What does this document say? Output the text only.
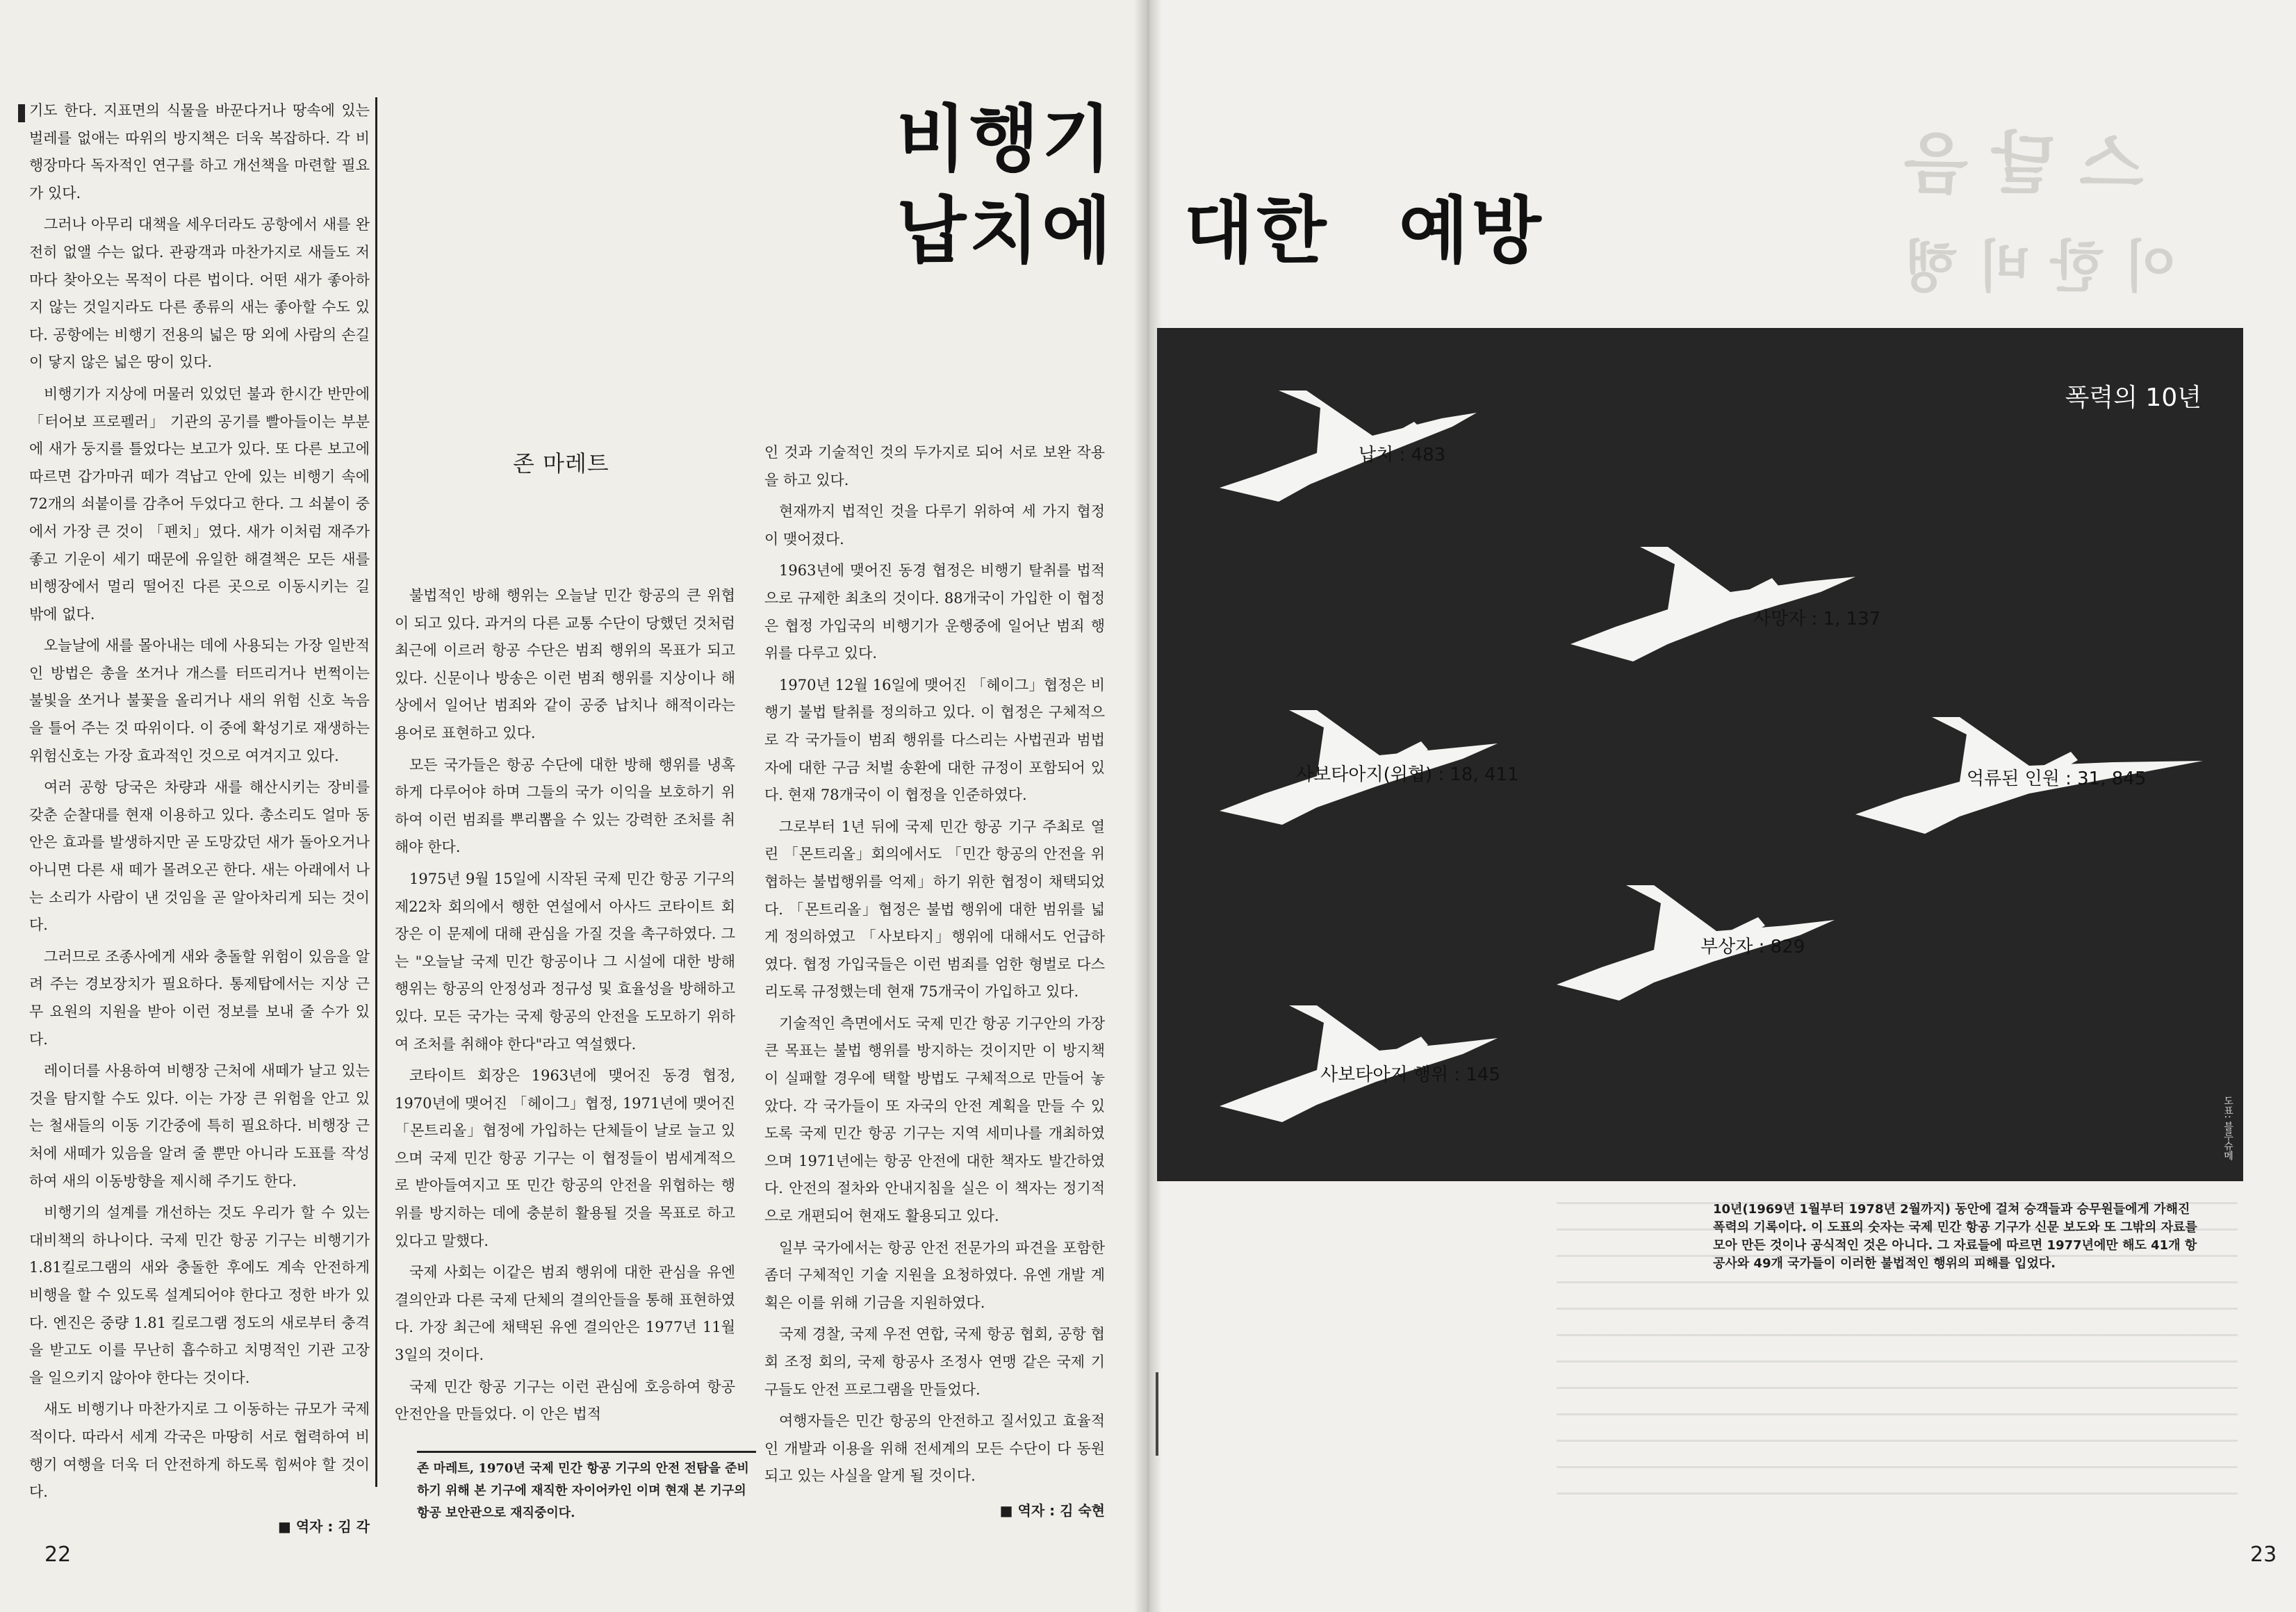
스 달 음
이 한 비 행

기도 한다. 지표면의 식물을 바꾼다거나 땅속에 있는 벌레를 없애는 따위의 방지책은 더욱 복잡하다. 각 비행장마다 독자적인 연구를 하고 개선책을 마련할 필요가 있다.

그러나 아무리 대책을 세우더라도 공항에서 새를 완전히 없앨 수는 없다. 관광객과 마찬가지로 새들도 저마다 찾아오는 목적이 다른 법이다. 어떤 새가 좋아하지 않는 것일지라도 다른 종류의 새는 좋아할 수도 있다. 공항에는 비행기 전용의 넓은 땅 외에 사람의 손길이 닿지 않은 넓은 땅이 있다.

비행기가 지상에 머물러 있었던 불과 한시간 반만에 「터어보 프로펠러」 기관의 공기를 빨아들이는 부분에 새가 둥지를 틀었다는 보고가 있다. 또 다른 보고에 따르면 갑가마귀 떼가 격납고 안에 있는 비행기 속에 72개의 쇠붙이를 감추어 두었다고 한다. 그 쇠붙이 중에서 가장 큰 것이 「펜치」였다. 새가 이처럼 재주가 좋고 기운이 세기 때문에 유일한 해결책은 모든 새를 비행장에서 멀리 떨어진 다른 곳으로 이동시키는 길 밖에 없다.

오늘날에 새를 몰아내는 데에 사용되는 가장 일반적인 방법은 총을 쏘거나 개스를 터뜨리거나 번쩍이는 불빛을 쏘거나 불꽃을 올리거나 새의 위험 신호 녹음을 틀어 주는 것 따위이다. 이 중에 확성기로 재생하는 위험신호는 가장 효과적인 것으로 여겨지고 있다.

여러 공항 당국은 차량과 새를 해산시키는 장비를 갖춘 순찰대를 현재 이용하고 있다. 총소리도 얼마 동안은 효과를 발생하지만 곧 도망갔던 새가 돌아오거나 아니면 다른 새 떼가 몰려오곤 한다. 새는 아래에서 나는 소리가 사람이 낸 것임을 곧 알아차리게 되는 것이다.

그러므로 조종사에게 새와 충돌할 위험이 있음을 알려 주는 경보장치가 필요하다. 통제탑에서는 지상 근무 요원의 지원을 받아 이런 정보를 보내 줄 수가 있다.

레이더를 사용하여 비행장 근처에 새떼가 날고 있는 것을 탐지할 수도 있다. 이는 가장 큰 위험을 안고 있는 철새들의 이동 기간중에 특히 필요하다. 비행장 근처에 새떼가 있음을 알려 줄 뿐만 아니라 도표를 작성하여 새의 이동방향을 제시해 주기도 한다.

비행기의 설계를 개선하는 것도 우리가 할 수 있는 대비책의 하나이다. 국제 민간 항공 기구는 비행기가 1.81킬로그램의 새와 충돌한 후에도 계속 안전하게 비행을 할 수 있도록 설계되어야 한다고 정한 바가 있다. 엔진은 중량 1.81 킬로그램 정도의 새로부터 충격을 받고도 이를 무난히 흡수하고 치명적인 기관 고장을 일으키지 않아야 한다는 것이다.

새도 비행기나 마찬가지로 그 이동하는 규모가 국제적이다. 따라서 세계 각국은 마땅히 서로 협력하여 비행기 여행을 더욱 더 안전하게 하도록 힘써야 할 것이다.

■ 역자 : 김 각
비행기
납치에 대한 예방
존 마레트

불법적인 방해 행위는 오늘날 민간 항공의 큰 위협이 되고 있다. 과거의 다른 교통 수단이 당했던 것처럼 최근에 이르러 항공 수단은 범죄 행위의 목표가 되고 있다. 신문이나 방송은 이런 범죄 행위를 지상이나 해상에서 일어난 범죄와 같이 공중 납치나 해적이라는 용어로 표현하고 있다.

모든 국가들은 항공 수단에 대한 방해 행위를 냉혹하게 다루어야 하며 그들의 국가 이익을 보호하기 위하여 이런 범죄를 뿌리뽑을 수 있는 강력한 조처를 취해야 한다.

1975년 9월 15일에 시작된 국제 민간 항공 기구의 제22차 회의에서 행한 연설에서 아사드 코타이트 회장은 이 문제에 대해 관심을 가질 것을 촉구하였다. 그는 "오늘날 국제 민간 항공이나 그 시설에 대한 방해 행위는 항공의 안정성과 정규성 및 효율성을 방해하고 있다. 모든 국가는 국제 항공의 안전을 도모하기 위하여 조처를 취해야 한다"라고 역설했다.

코타이트 회장은 1963년에 맺어진 동경 협정, 1970년에 맺어진 「헤이그」협정, 1971년에 맺어진 「몬트리올」협정에 가입하는 단체들이 날로 늘고 있으며 국제 민간 항공 기구는 이 협정들이 범세계적으로 받아들여지고 또 민간 항공의 안전을 위협하는 행위를 방지하는 데에 충분히 활용될 것을 목표로 하고 있다고 말했다.

국제 사회는 이같은 범죄 행위에 대한 관심을 유엔 결의안과 다른 국제 단체의 결의안들을 통해 표현하였다. 가장 최근에 채택된 유엔 결의안은 1977년 11월 3일의 것이다.

국제 민간 항공 기구는 이런 관심에 호응하여 항공 안전안을 만들었다. 이 안은 법적

존 마레트, 1970년 국제 민간 항공 기구의 안전 전탐을 준비하기 위해 본 기구에 재직한 자이어카인 이며 현재 본 기구의 항공 보안관으로 재직중이다.

인 것과 기술적인 것의 두가지로 되어 서로 보완 작용을 하고 있다.

현재까지 법적인 것을 다루기 위하여 세 가지 협정이 맺어졌다.

1963년에 맺어진 동경 협정은 비행기 탈취를 법적으로 규제한 최초의 것이다. 88개국이 가입한 이 협정은 협정 가입국의 비행기가 운행중에 일어난 범죄 행위를 다루고 있다.

1970년 12월 16일에 맺어진 「헤이그」협정은 비행기 불법 탈취를 정의하고 있다. 이 협정은 구체적으로 각 국가들이 범죄 행위를 다스리는 사법권과 범법자에 대한 구금 처벌 송환에 대한 규정이 포함되어 있다. 현재 78개국이 이 협정을 인준하였다.

그로부터 1년 뒤에 국제 민간 항공 기구 주최로 열린 「몬트리올」회의에서도 「민간 항공의 안전을 위협하는 불법행위를 억제」하기 위한 협정이 채택되었다. 「몬트리올」협정은 불법 행위에 대한 범위를 넓게 정의하였고 「사보타지」행위에 대해서도 언급하였다. 협정 가입국들은 이런 범죄를 엄한 형벌로 다스리도록 규정했는데 현재 75개국이 가입하고 있다.

기술적인 측면에서도 국제 민간 항공 기구안의 가장 큰 목표는 불법 행위를 방지하는 것이지만 이 방지책이 실패할 경우에 택할 방법도 구체적으로 만들어 놓았다. 각 국가들이 또 자국의 안전 계획을 만들 수 있도록 국제 민간 항공 기구는 지역 세미나를 개최하였으며 1971년에는 항공 안전에 대한 책자도 발간하였다. 안전의 절차와 안내지침을 실은 이 책자는 정기적으로 개편되어 현재도 활용되고 있다.

일부 국가에서는 항공 안전 전문가의 파견을 포함한 좀더 구체적인 기술 지원을 요청하였다. 유엔 개발 계획은 이를 위해 기금을 지원하였다.

국제 경찰, 국제 우전 연합, 국제 항공 협회, 공항 협회 조정 회의, 국제 항공사 조정사 연맹 같은 국제 기구들도 안전 프로그램을 만들었다.

여행자들은 민간 항공의 안전하고 질서있고 효율적인 개발과 이용을 위해 전세계의 모든 수단이 다 동원되고 있는 사실을 알게 될 것이다.

■ 역자 : 김 숙현
폭력의 10년
납치 : 483
사망자 : 1, 137
사보타아지(위협) : 18, 411	억류된 인원 : 31, 845
부상자 : 829
사보타아지 행위 : 145
도표: 블루슈메
10년(1969년 1월부터 1978년 2월까지) 동안에 걸쳐 승객들과 승무원들에게 가해진 폭력의 기록이다. 이 도표의 숫자는 국제 민간 항공 기구가 신문 보도와 또 그밖의 자료를 모아 만든 것이나 공식적인 것은 아니다. 그 자료들에 따르면 1977년에만 해도 41개 항공사와 49개 국가들이 이러한 불법적인 행위의 피해를 입었다.
22	23
